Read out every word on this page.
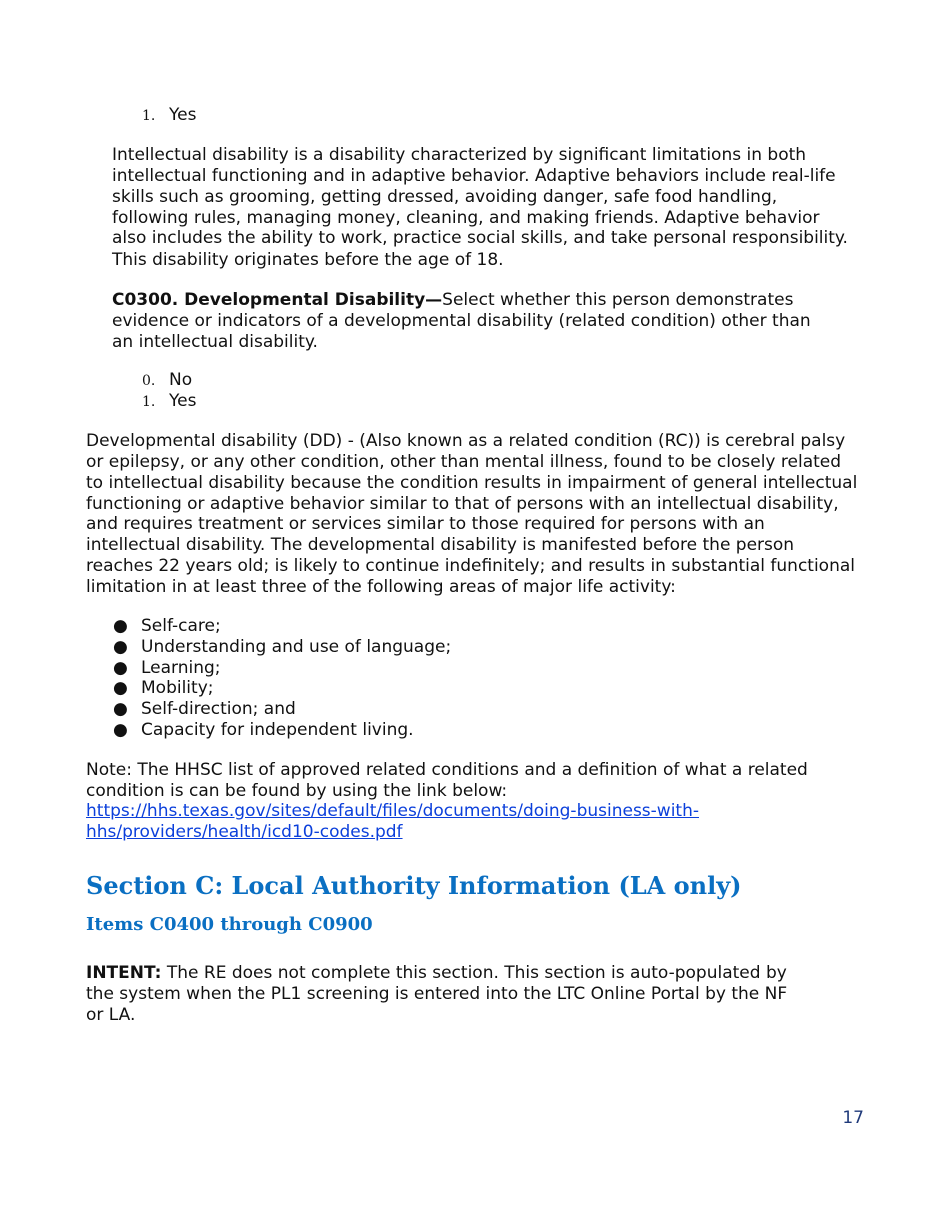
1. Yes

Intellectual disability is a disability characterized by significant limitations in both

intellectual functioning and in adaptive behavior. Adaptive behaviors include real-life

skills such as grooming, getting dressed, avoiding danger, safe food handling,

following rules, managing money, cleaning, and making friends. Adaptive behavior

also includes the ability to work, practice social skills, and take personal responsibility.

This disability originates before the age of 18.

C0300. Developmental Disability—Select whether this person demonstrates

evidence or indicators of a developmental disability (related condition) other than

an intellectual disability.

0. No
1. Yes

Developmental disability (DD) - (Also known as a related condition (RC)) is cerebral palsy

or epilepsy, or any other condition, other than mental illness, found to be closely related

to intellectual disability because the condition results in impairment of general intellectual

functioning or adaptive behavior similar to that of persons with an intellectual disability,

and requires treatment or services similar to those required for persons with an

intellectual disability. The developmental disability is manifested before the person

reaches 22 years old; is likely to continue indefinitely; and results in substantial functional

limitation in at least three of the following areas of major life activity:

● Self-care;
● Understanding and use of language;
● Learning;
● Mobility;
● Self-direction; and
● Capacity for independent living.

Note: The HHSC list of approved related conditions and a definition of what a related

condition is can be found by using the link below:

https://hhs.texas.gov/sites/default/files/documents/doing-business-with-
hhs/providers/health/icd10-codes.pdf
Section C: Local Authority Information (LA only)
Items C0400 through C0900

INTENT: The RE does not complete this section. This section is auto-populated by

the system when the PL1 screening is entered into the LTC Online Portal by the NF

or LA.

17
